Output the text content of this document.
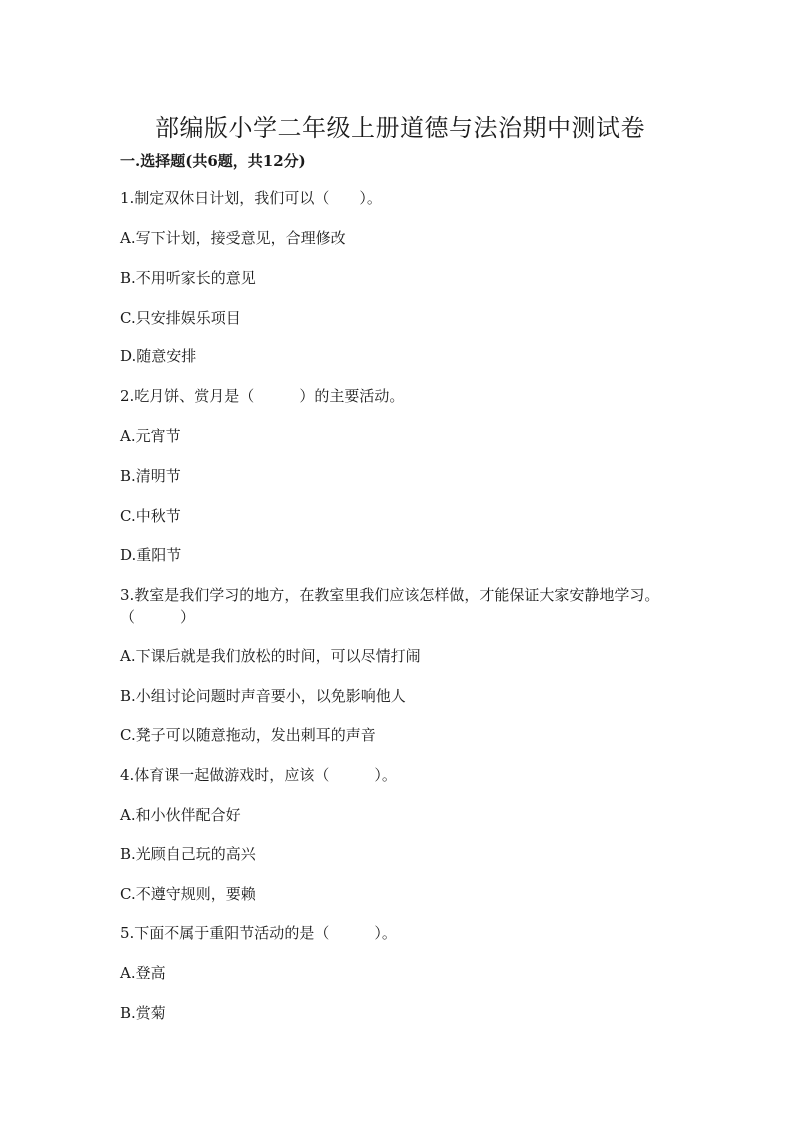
部编版小学二年级上册道德与法治期中测试卷
一.选择题(共6题，共12分)
1.制定双休日计划，我们可以（　　）。
A.写下计划，接受意见，合理修改
B.不用听家长的意见
C.只安排娱乐项目
D.随意安排
2.吃月饼、赏月是（　　　）的主要活动。
A.元宵节
B.清明节
C.中秋节
D.重阳节
3.教室是我们学习的地方，在教室里我们应该怎样做，才能保证大家安静地学习。（　　　）
A.下课后就是我们放松的时间，可以尽情打闹
B.小组讨论问题时声音要小，以免影响他人
C.凳子可以随意拖动，发出刺耳的声音
4.体育课一起做游戏时，应该（　　　）。
A.和小伙伴配合好
B.光顾自己玩的高兴
C.不遵守规则，要赖
5.下面不属于重阳节活动的是（　　　）。
A.登高
B.赏菊
